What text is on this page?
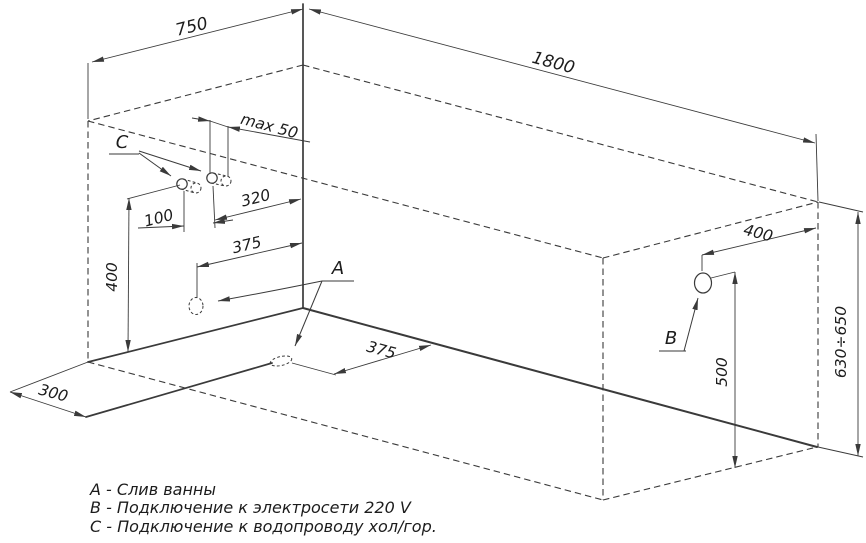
750
1800
max 50
C
320
100
375
400	A
375
300
B
400
500	630÷650
A - Слив ванны
B - Подключение к электросети 220 V
C - Подключение к водопроводу хол/гор.
